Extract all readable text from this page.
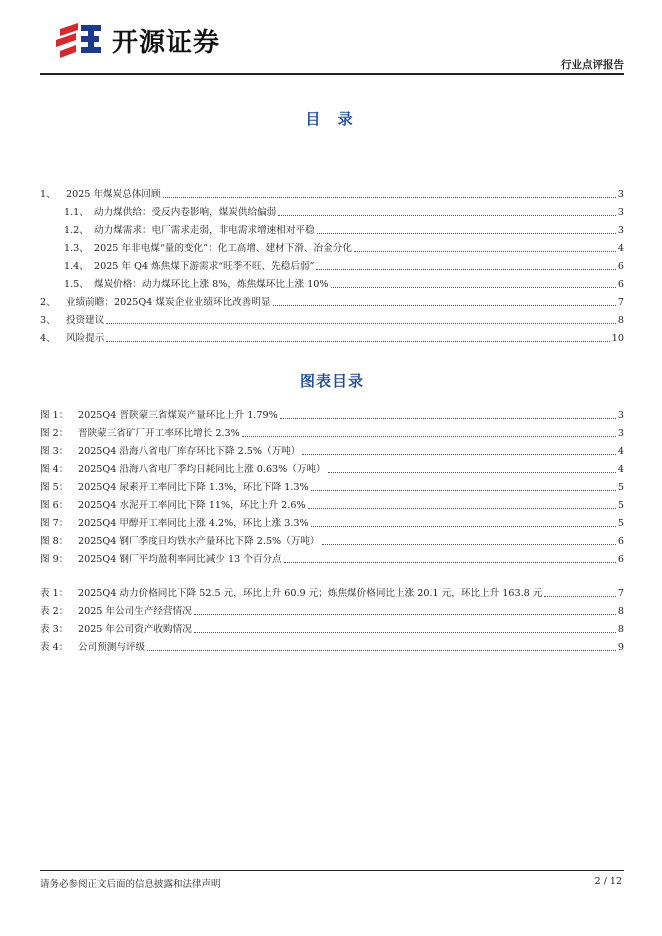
开源证券
行业点评报告
目 录
1、	2025 年煤炭总体回顾	3
1.1、 动力煤供给：受反内卷影响，煤炭供给偏弱	3
1.2、 动力煤需求：电厂需求走弱，非电需求增速相对平稳	3
1.3、 2025 年非电煤“量的变化”：化工高增、建材下滑、冶金分化	4
1.4、 2025 年 Q4 炼焦煤下游需求“旺季不旺、先稳后弱”	6
1.5、 煤炭价格：动力煤环比上涨 8%，炼焦煤环比上涨 10%	6
2、	业绩前瞻：2025Q4 煤炭企业业绩环比改善明显	7
3、	投资建议	8
4、	风险提示	10
图表目录
图 1：	2025Q4 晋陕蒙三省煤炭产量环比上升 1.79%	3
图 2：	晋陕蒙三省矿厂开工率环比增长 2.3%	3
图 3：	2025Q4 沿海八省电厂库存环比下降 2.5%（万吨）	4
图 4：	2025Q4 沿海八省电厂季均日耗同比上涨 0.63%（万吨）	4
图 5：	2025Q4 尿素开工率同比下降 1.3%，环比下降 1.3%	5
图 6：	2025Q4 水泥开工率同比下降 11%，环比上升 2.6%	5
图 7：	2025Q4 甲醇开工率同比上涨 4.2%，环比上涨 3.3%	5
图 8：	2025Q4 钢厂季度日均铁水产量环比下降 2.5%（万吨）	6
图 9：	2025Q4 钢厂平均盈利率同比减少 13 个百分点	6
表 1：	2025Q4 动力价格同比下降 52.5 元，环比上升 60.9 元；炼焦煤价格同比上涨 20.1 元，环比上升 163.8 元	7
表 2：	2025 年公司生产经营情况	8
表 3：	2025 年公司资产收购情况	8
表 4：	公司预测与评级	9
请务必参阅正文后面的信息披露和法律声明	2 / 12
